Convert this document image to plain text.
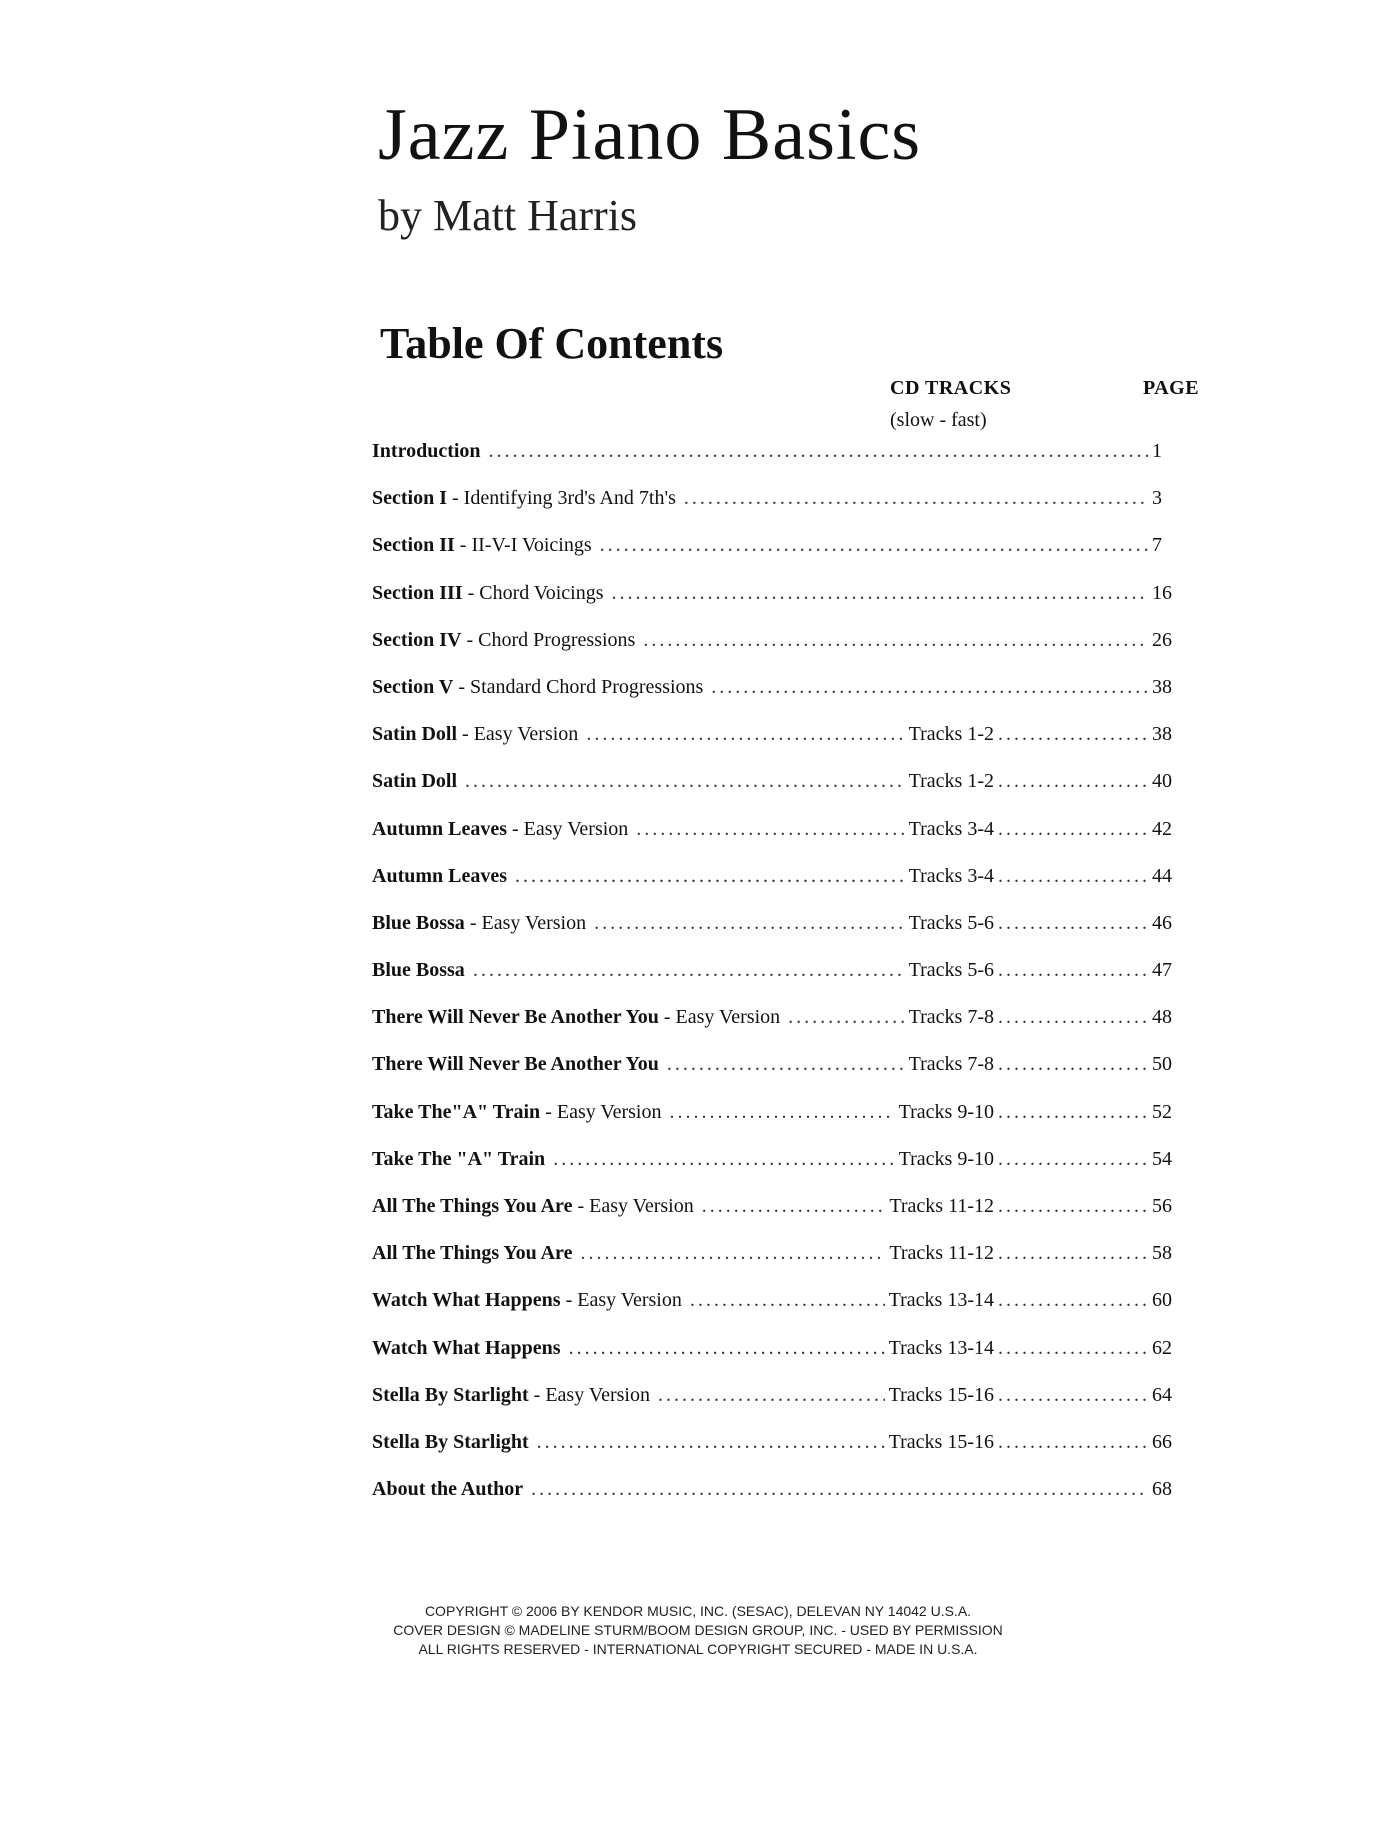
Jazz Piano Basics
by Matt Harris
Table Of Contents
CD TRACKS	PAGE
(slow - fast)
Introduction . . .	1
Section I - Identifying 3rd's And 7th's . . .	3
Section II - II-V-I Voicings . . .	7
Section III - Chord Voicings . . .	16
Section IV - Chord Progressions . . .	26
Section V - Standard Chord Progressions . . .	38
Satin Doll - Easy Version . . .	Tracks 1-2 . . .	38
Satin Doll . . .	Tracks 1-2 . . .	40
Autumn Leaves - Easy Version . . .	Tracks 3-4 . . .	42
Autumn Leaves . . .	Tracks 3-4 . . .	44
Blue Bossa - Easy Version . . .	Tracks 5-6 . . .	46
Blue Bossa . . .	Tracks 5-6 . . .	47
There Will Never Be Another You - Easy Version . . .	Tracks 7-8 . . .	48
There Will Never Be Another You . . .	Tracks 7-8 . . .	50
Take The"A" Train - Easy Version . . .	Tracks 9-10 . . .	52
Take The "A" Train . . .	Tracks 9-10 . . .	54
All The Things You Are - Easy Version . . .	Tracks 11-12 . . .	56
All The Things You Are . . .	Tracks 11-12 . . .	58
Watch What Happens - Easy Version . . .	Tracks 13-14 . . .	60
Watch What Happens . . .	Tracks 13-14 . . .	62
Stella By Starlight - Easy Version . . .	Tracks 15-16 . . .	64
Stella By Starlight . . .	Tracks 15-16 . . .	66
About the Author . . .	68
COPYRIGHT © 2006 BY KENDOR MUSIC, INC. (SESAC), DELEVAN NY 14042 U.S.A.
COVER DESIGN © MADELINE STURM/BOOM DESIGN GROUP, INC. - USED BY PERMISSION
ALL RIGHTS RESERVED - INTERNATIONAL COPYRIGHT SECURED - MADE IN U.S.A.
